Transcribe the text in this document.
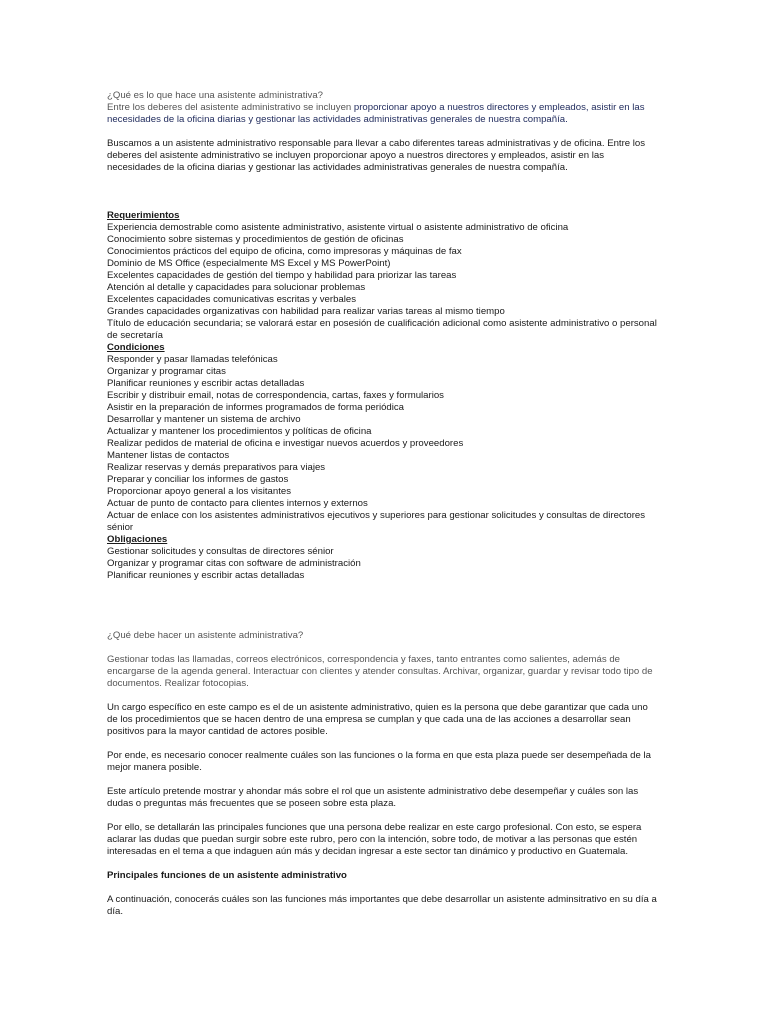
¿Qué es lo que hace una asistente administrativa?

Entre los deberes del asistente administrativo se incluyen proporcionar apoyo a nuestros directores y empleados, asistir en las necesidades de la oficina diarias y gestionar las actividades administrativas generales de nuestra compañía.

Buscamos a un asistente administrativo responsable para llevar a cabo diferentes tareas administrativas y de oficina. Entre los deberes del asistente administrativo se incluyen proporcionar apoyo a nuestros directores y empleados, asistir en las necesidades de la oficina diarias y gestionar las actividades administrativas generales de nuestra compañía.

Requerimientos

Experiencia demostrable como asistente administrativo, asistente virtual o asistente administrativo de oficina
Conocimiento sobre sistemas y procedimientos de gestión de oficinas
Conocimientos prácticos del equipo de oficina, como impresoras y máquinas de fax
Dominio de MS Office (especialmente MS Excel y MS PowerPoint)
Excelentes capacidades de gestión del tiempo y habilidad para priorizar las tareas
Atención al detalle y capacidades para solucionar problemas
Excelentes capacidades comunicativas escritas y verbales
Grandes capacidades organizativas con habilidad para realizar varias tareas al mismo tiempo
Título de educación secundaria; se valorará estar en posesión de cualificación adicional como asistente administrativo o personal de secretaría

Condiciones

Responder y pasar llamadas telefónicas
Organizar y programar citas
Planificar reuniones y escribir actas detalladas
Escribir y distribuir email, notas de correspondencia, cartas, faxes y formularios
Asistir en la preparación de informes programados de forma periódica
Desarrollar y mantener un sistema de archivo
Actualizar y mantener los procedimientos y políticas de oficina
Realizar pedidos de material de oficina e investigar nuevos acuerdos y proveedores
Mantener listas de contactos
Realizar reservas y demás preparativos para viajes
Preparar y conciliar los informes de gastos
Proporcionar apoyo general a los visitantes
Actuar de punto de contacto para clientes internos y externos
Actuar de enlace con los asistentes administrativos ejecutivos y superiores para gestionar solicitudes y consultas de directores sénior

Obligaciones

Gestionar solicitudes y consultas de directores sénior
Organizar y programar citas con software de administración
Planificar reuniones y escribir actas detalladas

¿Qué debe hacer un asistente administrativa?

Gestionar todas las llamadas, correos electrónicos, correspondencia y faxes, tanto entrantes como salientes, además de encargarse de la agenda general. Interactuar con clientes y atender consultas. Archivar, organizar, guardar y revisar todo tipo de documentos. Realizar fotocopias.

Un cargo específico en este campo es el de un asistente administrativo, quien es la persona que debe garantizar que cada uno de los procedimientos que se hacen dentro de una empresa se cumplan y que cada una de las acciones a desarrollar sean positivos para la mayor cantidad de actores posible.

Por ende, es necesario conocer realmente cuáles son las funciones o la forma en que esta plaza puede ser desempeñada de la mejor manera posible.

Este artículo pretende mostrar y ahondar más sobre el rol que un asistente administrativo debe desempeñar y cuáles son las dudas o preguntas más frecuentes que se poseen sobre esta plaza.

Por ello, se detallarán las principales funciones que una persona debe realizar en este cargo profesional. Con esto, se espera aclarar las dudas que puedan surgir sobre este rubro, pero con la intención, sobre todo, de motivar a las personas que estén interesadas en el tema a que indaguen aún más y decidan ingresar a este sector tan dinámico y productivo en Guatemala.

Principales funciones de un asistente administrativo

A continuación, conocerás cuáles son las funciones más importantes que debe desarrollar un asistente adminsitrativo en su día a día.
